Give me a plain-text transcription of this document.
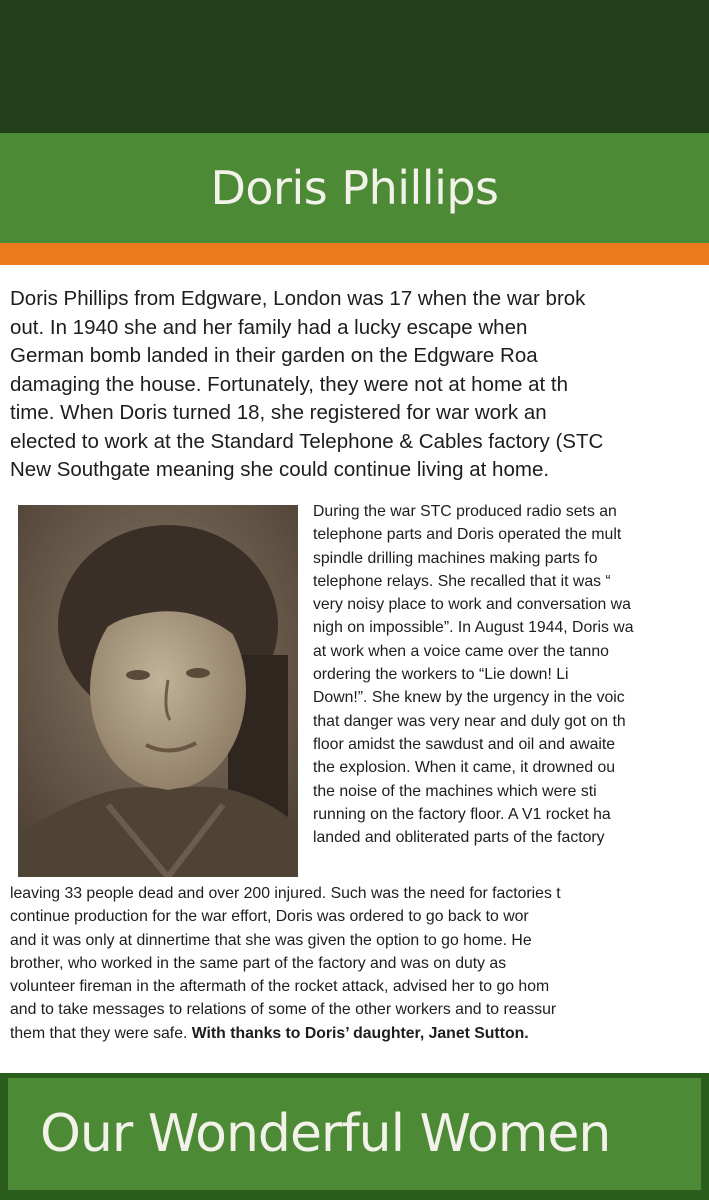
Doris Phillips

Doris Phillips from Edgware, London was 17 when the war brok
out. In 1940 she and her family had a lucky escape when
German bomb landed in their garden on the Edgware Roa
damaging the house. Fortunately, they were not at home at th
time. When Doris turned 18, she registered for war work an
elected to work at the Standard Telephone & Cables factory (STC
New Southgate meaning she could continue living at home.

During the war STC produced radio sets an
telephone parts and Doris operated the mult
spindle drilling machines making parts fo
telephone relays. She recalled that it was “
very noisy place to work and conversation wa
nigh on impossible”. In August 1944, Doris wa
at work when a voice came over the tanno
ordering the workers to “Lie down! Li
Down!”. She knew by the urgency in the voic
that danger was very near and duly got on th
floor amidst the sawdust and oil and awaite
the explosion. When it came, it drowned ou
the noise of the machines which were sti
running on the factory floor. A V1 rocket ha
landed and obliterated parts of the factory

leaving 33 people dead and over 200 injured. Such was the need for factories t
continue production for the war effort, Doris was ordered to go back to wor
and it was only at dinnertime that she was given the option to go home. He
brother, who worked in the same part of the factory and was on duty as
volunteer fireman in the aftermath of the rocket attack, advised her to go hom
and to take messages to relations of some of the other workers and to reassur
them that they were safe. With thanks to Doris’ daughter, Janet Sutton.

Our Wonderful Women
